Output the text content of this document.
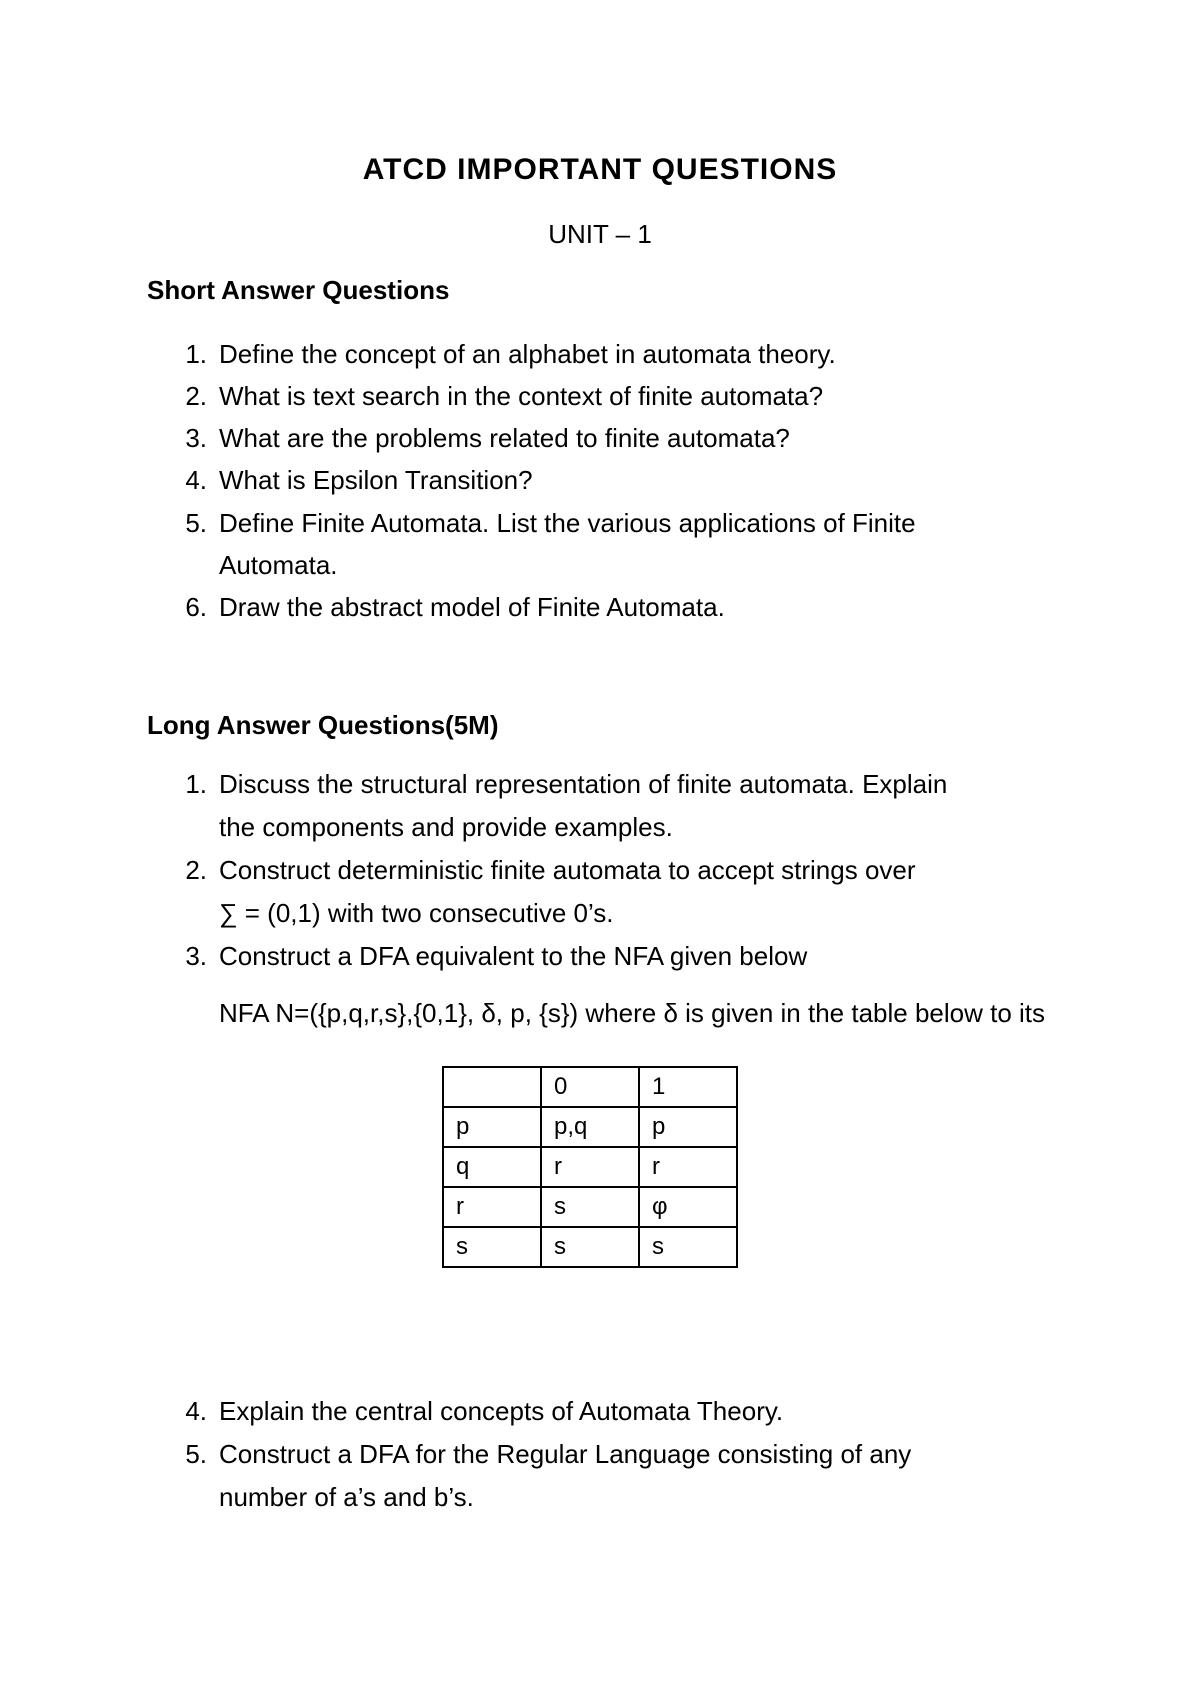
ATCD IMPORTANT QUESTIONS
UNIT – 1
Short Answer Questions
1. Define the concept of an alphabet in automata theory.
2. What is text search in the context of finite automata?
3. What are the problems related to finite automata?
4. What is Epsilon Transition?
5. Define Finite Automata. List the various applications of Finite
Automata.
6. Draw the abstract model of Finite Automata.
Long Answer Questions(5M)
1. Discuss the structural representation of finite automata. Explain
the components and provide examples.
2. Construct deterministic finite automata to accept strings over
∑ = (0,1) with two consecutive 0’s.
3. Construct a DFA equivalent to the NFA given below
NFA N=({p,q,r,s},{0,1}, δ, p, {s}) where δ is given in the table below to its
	0	1
p	p,q	p
q	r	r
r	s	φ
s	s	s
4. Explain the central concepts of Automata Theory.
5. Construct a DFA for the Regular Language consisting of any
number of a’s and b’s.
